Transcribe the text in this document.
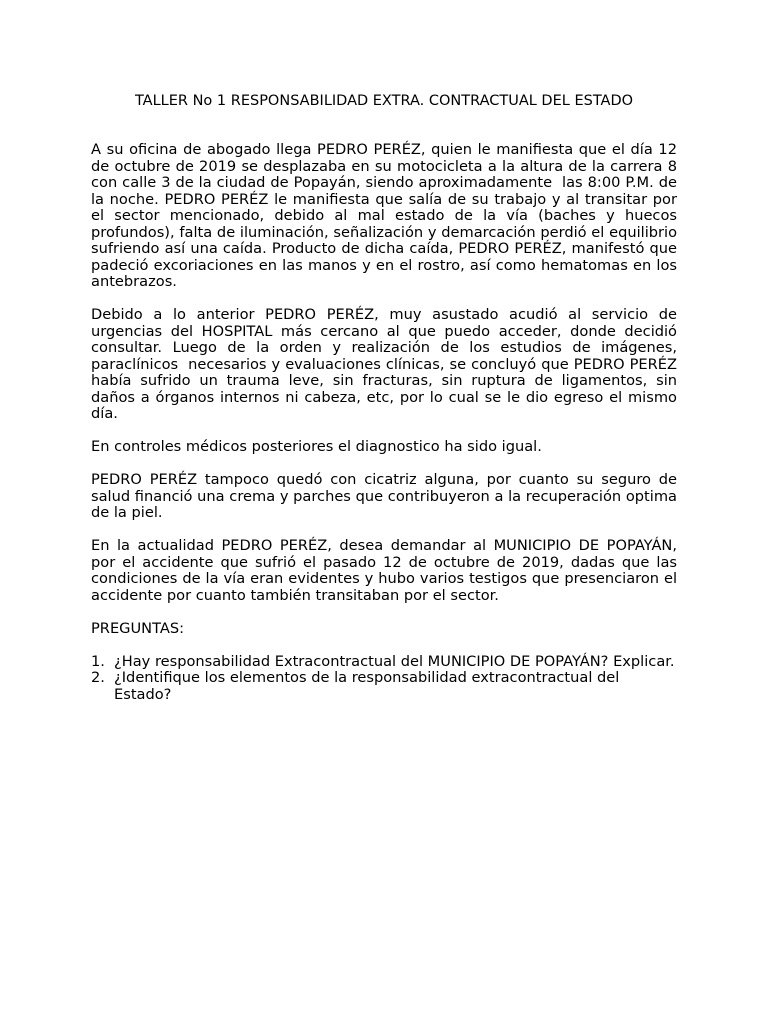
TALLER No 1 RESPONSABILIDAD EXTRA. CONTRACTUAL DEL ESTADO

A su oficina de abogado llega PEDRO PERÉZ, quien le manifiesta que el día 12 de octubre de 2019 se desplazaba en su motocicleta a la altura de la carrera 8 con calle 3 de la ciudad de Popayán, siendo aproximadamente  las 8:00 P.M. de la noche. PEDRO PERÉZ le manifiesta que salía de su trabajo y al transitar por el sector mencionado, debido al mal estado de la vía (baches y huecos profundos), falta de iluminación, señalización y demarcación perdió el equilibrio sufriendo así una caída. Producto de dicha caída, PEDRO PERÉZ, manifestó que padeció excoriaciones en las manos y en el rostro, así como hematomas en los antebrazos.

Debido a lo anterior PEDRO PERÉZ, muy asustado acudió al servicio de urgencias del HOSPITAL más cercano al que puedo acceder, donde decidió consultar. Luego de la orden y realización de los estudios de imágenes, paraclínicos  necesarios y evaluaciones clínicas, se concluyó que PEDRO PERÉZ había sufrido un trauma leve, sin fracturas, sin ruptura de ligamentos, sin daños a órganos internos ni cabeza, etc, por lo cual se le dio egreso el mismo día.

En controles médicos posteriores el diagnostico ha sido igual.

PEDRO PERÉZ tampoco quedó con cicatriz alguna, por cuanto su seguro de salud financió una crema y parches que contribuyeron a la recuperación optima de la piel.

En la actualidad PEDRO PERÉZ, desea demandar al MUNICIPIO DE POPAYÁN, por el accidente que sufrió el pasado 12 de octubre de 2019, dadas que las condiciones de la vía eran evidentes y hubo varios testigos que presenciaron el accidente por cuanto también transitaban por el sector.

PREGUNTAS:

1. ¿Hay responsabilidad Extracontractual del MUNICIPIO DE POPAYÁN? Explicar.
2. ¿Identifique los elementos de la responsabilidad extracontractual del Estado?
